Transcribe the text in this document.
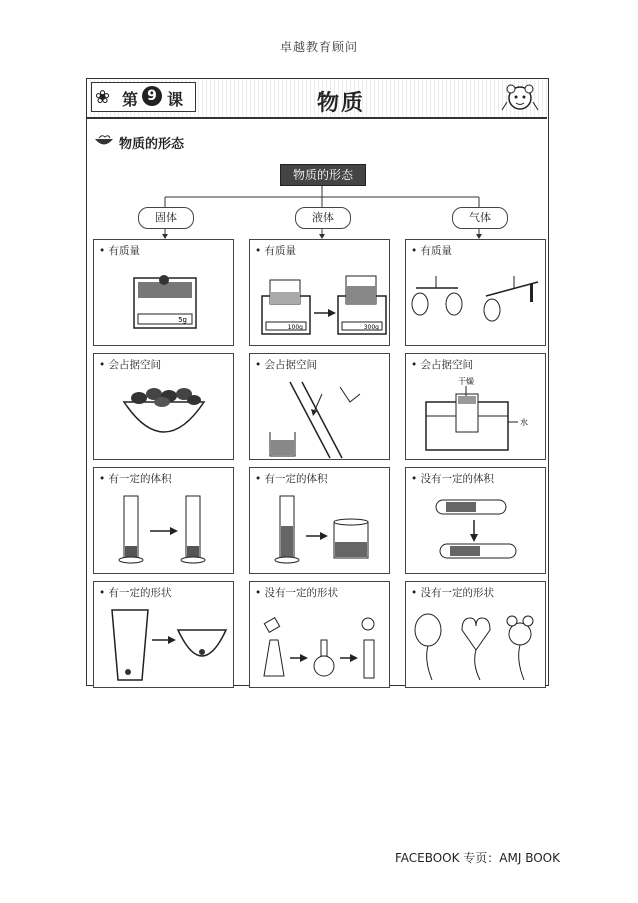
卓越教育顾问
❀ 第 9 课	物质
物质的形态
物质的形态
固体	液体	气体
• 有质量
5g
• 有质量
100g	300g
• 有质量
• 会占据空间	• 会占据空间	• 会占据空间
干燥
水
• 有一定的体积	• 有一定的体积	• 没有一定的体积
• 有一定的形状	• 没有一定的形状	• 没有一定的形状
FACEBOOK 专页：AMJ BOOK
